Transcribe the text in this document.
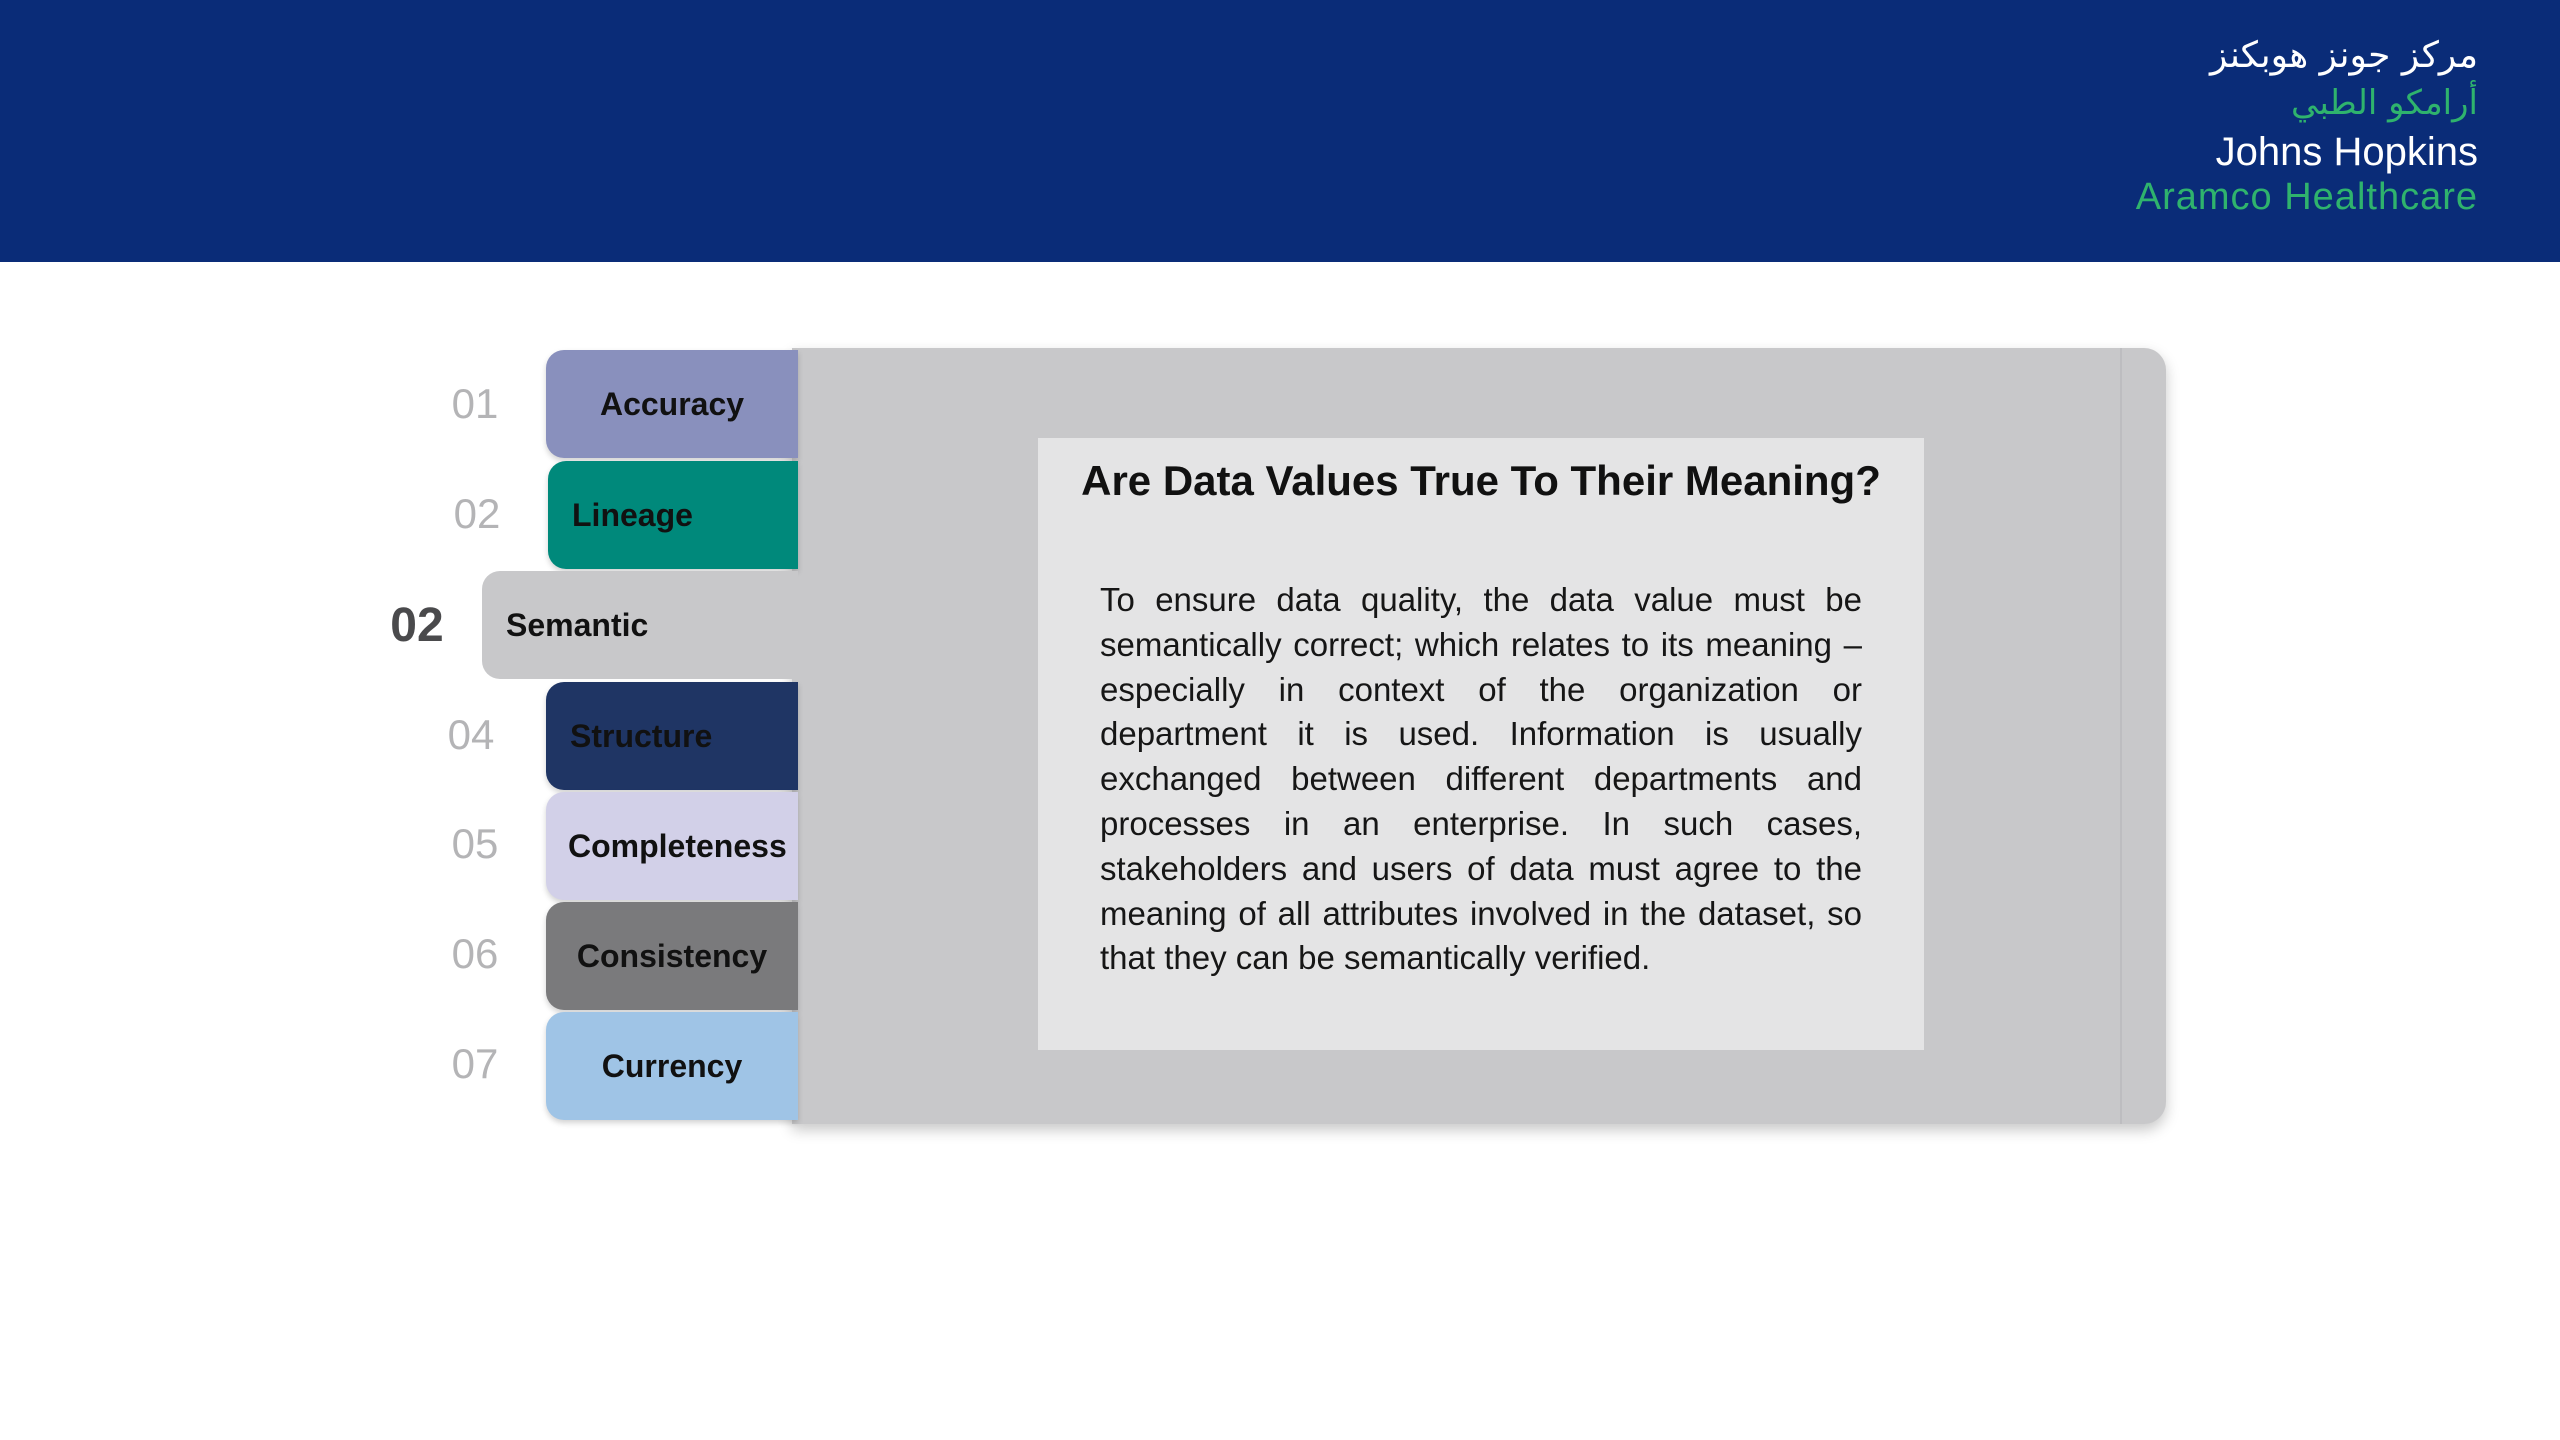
مركز جونز هوبكنز
أرامكو الطبي
Johns Hopkins
Aramco Healthcare
01	Accuracy
02	Lineage
02	Semantic
04	Structure
05	Completeness
06	Consistency
07	Currency
Are Data Values True To Their Meaning?
To ensure data quality, the data value must be semantically correct; which relates to its meaning – especially in context of the organization or department it is used. Information is usually exchanged between different departments and processes in an enterprise. In such cases, stakeholders and users of data must agree to the meaning of all attributes involved in the dataset, so that they can be semantically verified.
